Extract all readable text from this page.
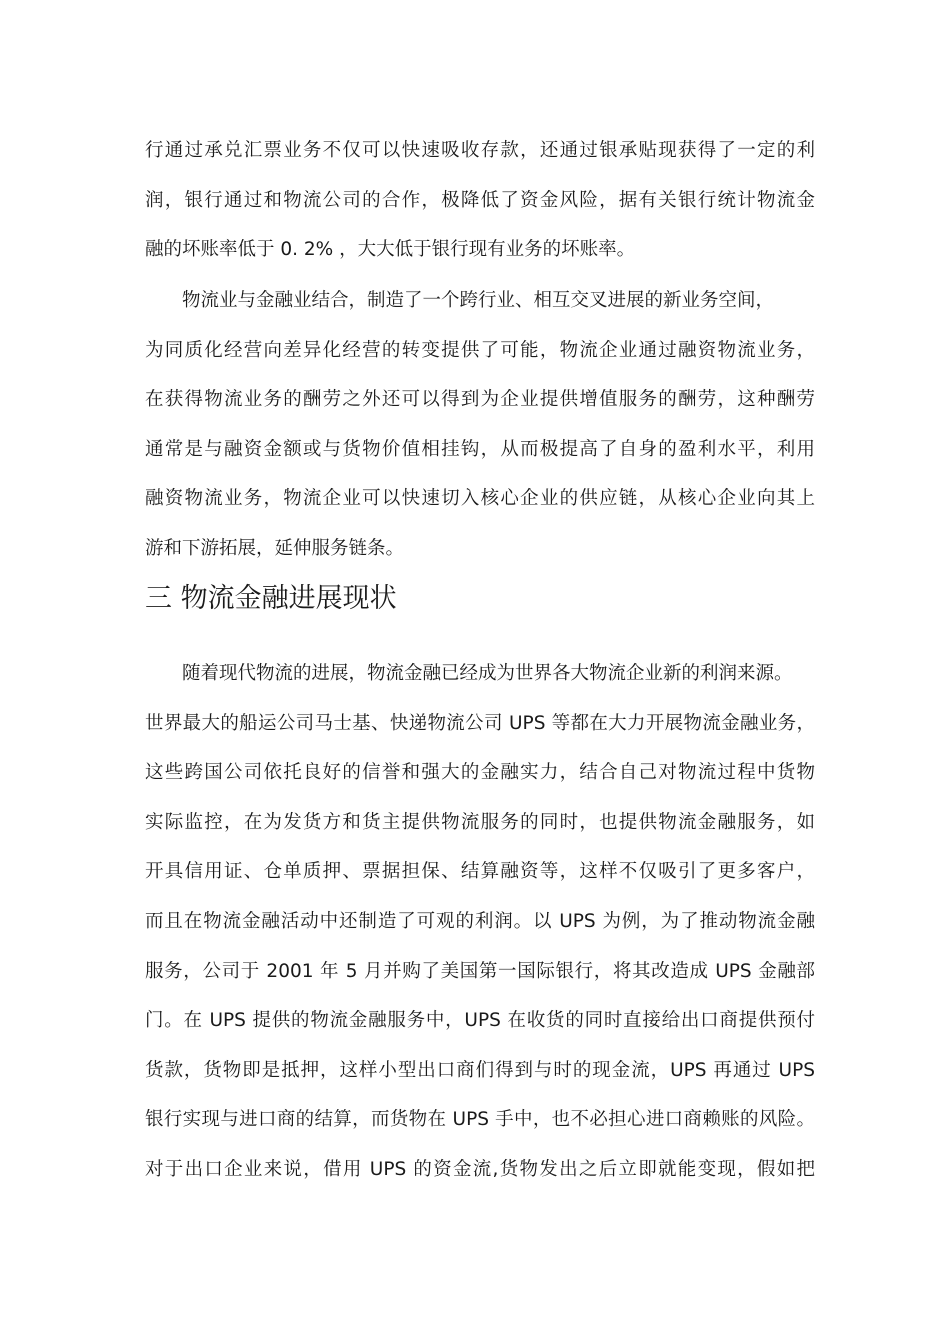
行通过承兑汇票业务不仅可以快速吸收存款，还通过银承贴现获得了一定的利
润，银行通过和物流公司的合作，极降低了资金风险，据有关银行统计物流金
融的坏账率低于 0. 2% ，大大低于银行现有业务的坏账率。
物流业与金融业结合，制造了一个跨行业、相互交叉进展的新业务空间，
为同质化经营向差异化经营的转变提供了可能，物流企业通过融资物流业务，
在获得物流业务的酬劳之外还可以得到为企业提供增值服务的酬劳，这种酬劳
通常是与融资金额或与货物价值相挂钩，从而极提高了自身的盈利水平，利用
融资物流业务，物流企业可以快速切入核心企业的供应链，从核心企业向其上
游和下游拓展，延伸服务链条。
三 物流金融进展现状
随着现代物流的进展，物流金融已经成为世界各大物流企业新的利润来源。
世界最大的船运公司马士基、快递物流公司 UPS 等都在大力开展物流金融业务，
这些跨国公司依托良好的信誉和强大的金融实力，结合自己对物流过程中货物
实际监控，在为发货方和货主提供物流服务的同时，也提供物流金融服务，如
开具信用证、仓单质押、票据担保、结算融资等，这样不仅吸引了更多客户，
而且在物流金融活动中还制造了可观的利润。以 UPS 为例，为了推动物流金融
服务，公司于 2001 年 5 月并购了美国第一国际银行，将其改造成 UPS 金融部
门。在 UPS 提供的物流金融服务中，UPS 在收货的同时直接给出口商提供预付
货款，货物即是抵押，这样小型出口商们得到与时的现金流，UPS 再通过 UPS
银行实现与进口商的结算，而货物在 UPS 手中，也不必担心进口商赖账的风险。
对于出口企业来说，借用 UPS 的资金流,货物发出之后立即就能变现，假如把
